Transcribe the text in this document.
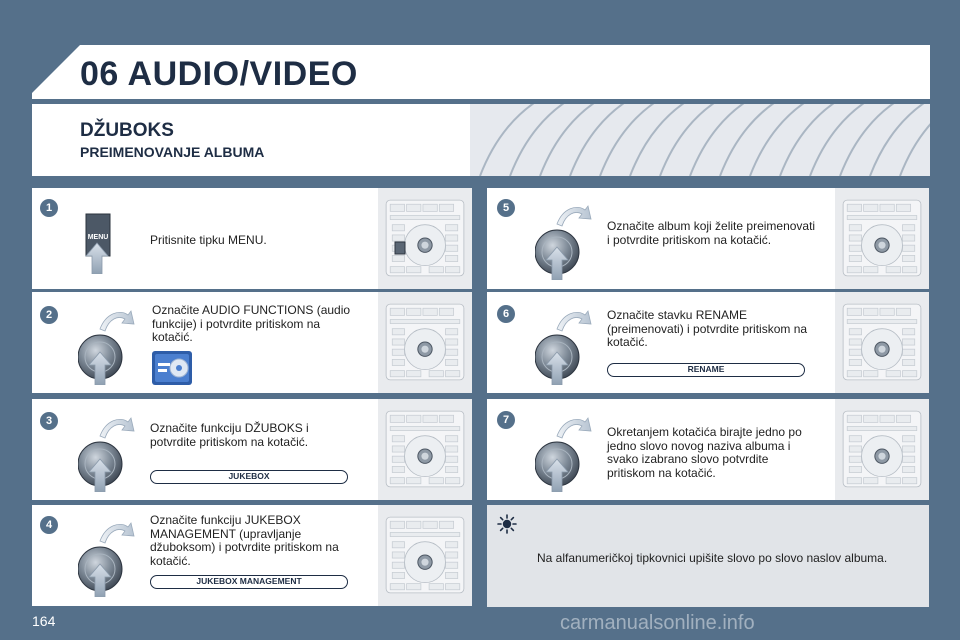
06 AUDIO/VIDEO
DŽUBOKS
PREIMENOVANJE ALBUMA
1
MENU	Pritisnite tipku MENU.
2	Označite AUDIO FUNCTIONS (audio funkcije) i potvrdite pritiskom na kotačić.
3	Označite funkciju DŽUBOKS i potvrdite pritiskom na kotačić.
JUKEBOX
4	Označite funkciju JUKEBOX MANAGEMENT (upravljanje džuboksom) i potvrdite pritiskom na kotačić.
JUKEBOX MANAGEMENT
5
Označite album koji želite preimenovati i potvrdite pritiskom na kotačić.
6	Označite stavku RENAME (preimenovati) i potvrdite pritiskom na kotačić.
RENAME
7
Okretanjem kotačića birajte jedno po jedno slovo novog naziva albuma i svako izabrano slovo potvrdite pritiskom na kotačić.
Na alfanumeričkoj tipkovnici upišite slovo po slovo naslov albuma.
164	carmanualsonline.info
